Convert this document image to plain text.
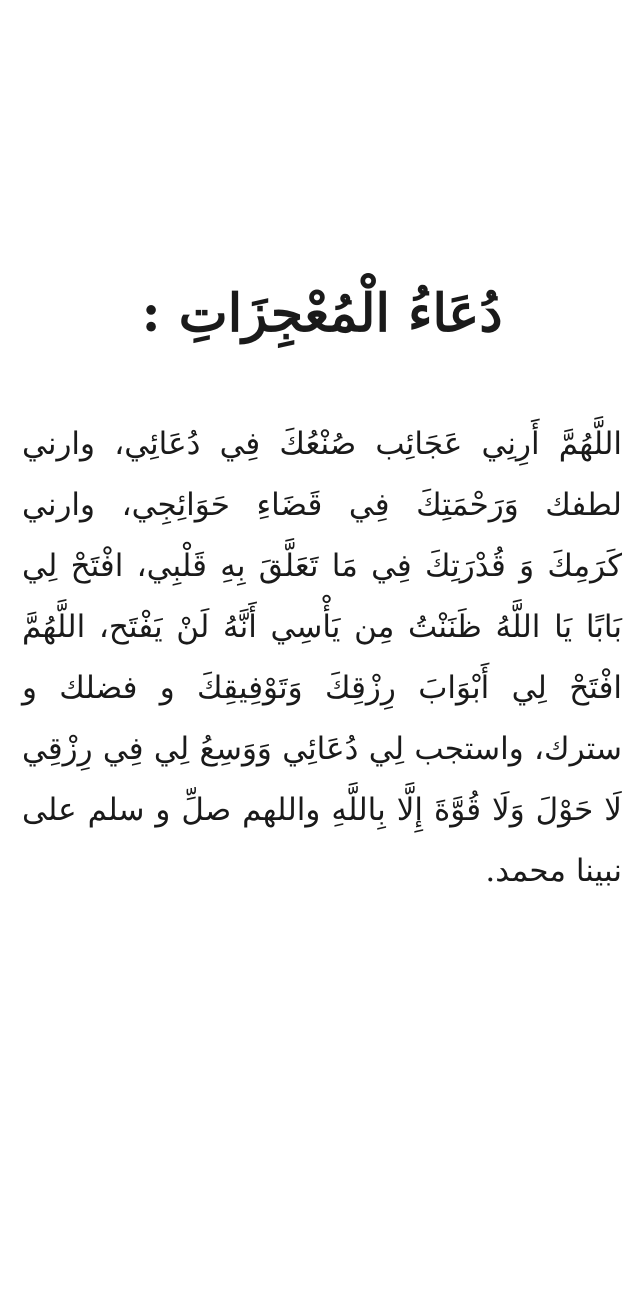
دُعَاءُ الْمُعْجِزَاتِ :

اللَّهُمَّ أَرِنِي عَجَائِب صُنْعُكَ فِي دُعَائِي، وارني لطفك وَرَحْمَتِكَ فِي قَضَاءِ حَوَائِجِي، وارني كَرَمِكَ وَ قُدْرَتِكَ فِي مَا تَعَلَّقَ بِهِ قَلْبِي، افْتَحْ لِي بَابًا يَا اللَّهُ ظَنَنْتُ مِن يَأْسِي أَنَّهُ لَنْ يَفْتَح، اللَّهُمَّ افْتَحْ لِي أَبْوَابَ رِزْقِكَ وَتَوْفِيقِكَ و فضلك و سترك، واستجب لِي دُعَائِي وَوَسِعُ لِي فِي رِزْقِي لَا حَوْلَ وَلَا قُوَّةَ إِلَّا بِاللَّهِ واللهم صلِّ و سلم على نبينا محمد.
